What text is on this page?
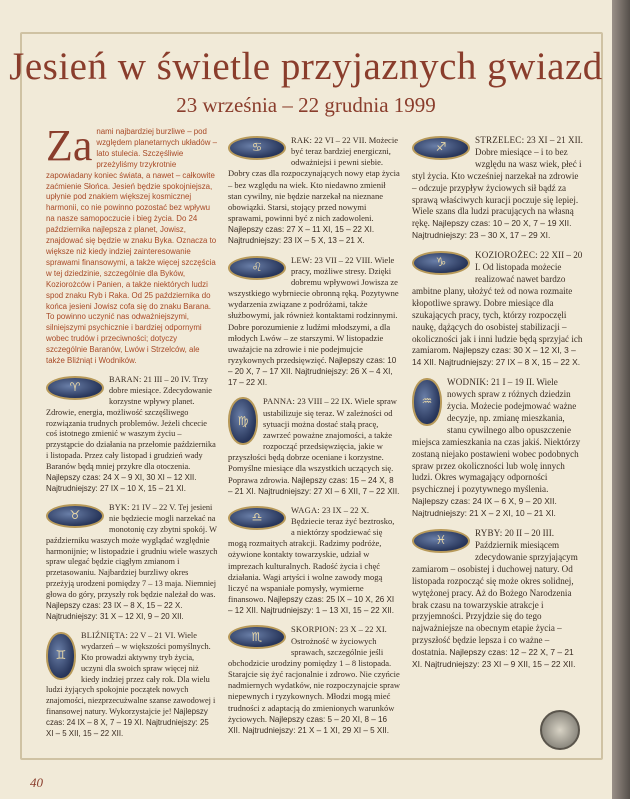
Jesień w świetle przyjaznych gwiazd
23 września – 22 grudnia 1999
Za nami najbardziej burzliwe – pod względem planetarnych układów – lato stulecia. Szczęśliwie przeżyliśmy trzykrotnie zapowiadany koniec świata, a nawet – całkowite zaćmienie Słońca. Jesień będzie spokojniejsza, upłynie pod znakiem większej kosmicznej harmonii, co nie powinno pozostać bez wpływu na nasze samopoczucie i bieg życia. Do 24 października najlepsza z planet, Jowisz, znajdować się będzie w znaku Byka. Oznacza to większe niż kiedy indziej zainteresowanie sprawami finansowymi, a także więcej szczęścia w tej dziedzinie, szczególnie dla Byków, Koziorożców i Panien, a także niektórych ludzi spod znaku Ryb i Raka. Od 25 października do końca jesieni Jowisz cofa się do znaku Barana. To powinno uczynić nas odważniejszymi, silniejszymi psychicznie i bardziej odpornymi wobec trudów i przeciwności; dotyczy szczególnie Baranów, Lwów i Strzelców, ale także Bliźniąt i Wodników.

♈
BARAN: 21 III – 20 IV. Trzy dobre miesiące. Zdecydowanie korzystne wpływy planet. Zdrowie, energia, możliwość szczęśliwego rozwiązania trudnych problemów. Jeżeli chcecie coś istotnego zmienić w waszym życiu – przystąpcie do działania na przełomie października i listopada. Przez cały listopad i grudzień wady Baranów będą mniej przykre dla otoczenia. Najlepszy czas: 24 X – 9 XI, 30 XI – 12 XII. Najtrudniejszy: 27 IX – 10 X, 15 – 21 XI.

♉
BYK: 21 IV – 22 V. Tej jesieni nie będziecie mogli narzekać na monotonię czy zbytni spokój. W październiku waszych może wyglądać względnie harmonijnie; w listopadzie i grudniu wiele waszych spraw ulegać będzie ciągłym zmianom i przetasowaniu. Najbardziej burzliwy okres przeżyją urodzeni pomiędzy 7 – 13 maja. Niemniej głowa do góry, przyszły rok będzie należał do was. Najlepszy czas: 23 IX – 8 X, 15 – 22 X. Najtrudniejszy: 31 X – 12 XI, 9 – 20 XII.

♊
BLIŹNIĘTA: 22 V – 21 VI. Wiele wydarzeń – w większości pomyślnych. Kto prowadzi aktywny tryb życia, uczyni dla swoich spraw więcej niż kiedy indziej przez cały rok. Dla wielu ludzi żyjących spokojnie początek nowych znajomości, niezprzecużwalne szanse zawodowej i finansowej natury. Wykorzystajcie je! Najlepszy czas: 24 IX – 8 X, 7 – 19 XI. Najtrudniejszy: 25 XI – 5 XII, 15 – 22 XII.

♋
RAK: 22 VI – 22 VII. Możecie być teraz bardziej energiczni, odważniejsi i pewni siebie. Dobry czas dla rozpoczynających nowy etap życia – bez względu na wiek. Kto niedawno zmienił stan cywilny, nie będzie narzekał na nieznane obowiązki. Starsi, stojący przed nowymi sprawami, powinni być z nich zadowoleni. Najlepszy czas: 27 X – 11 XI, 15 – 22 XI. Najtrudniejszy: 23 IX – 5 X, 13 – 21 X.

♌
LEW: 23 VII – 22 VIII. Wiele pracy, możliwe stresy. Dzięki dobremu wpływowi Jowisza ze wszystkiego wybrniecie obronną ręką. Pozytywne wydarzenia związane z podróżami, także służbowymi, jak również kontaktami rodzinnymi. Dobre porozumienie z ludźmi młodszymi, a dla młodych Lwów – ze starszymi. W listopadzie uważajcie na zdrowie i nie podejmujcie ryzykownych przedsięwzięć. Najlepszy czas: 10 – 20 X, 7 – 17 XII. Najtrudniejszy: 26 X – 4 XI, 17 – 22 XI.

♍
PANNA: 23 VIII – 22 IX. Wiele spraw ustabilizuje się teraz. W zależności od sytuacji można dostać stałą pracę, zawrzeć poważne znajomości, a także rozpocząć przedsięwzięcia, jakie w przyszłości będą dobrze oceniane i korzystne. Pomyślne miesiące dla wszystkich uczących się. Poprawa zdrowia. Najlepszy czas: 15 – 24 X, 8 – 21 XI. Najtrudniejszy: 27 XI – 6 XII, 7 – 22 XII.

♎
WAGA: 23 IX – 22 X. Będziecie teraz żyć beztrosko, a niektórzy spodziewać się mogą rozmaitych atrakcji. Radzimy podróże, ożywione kontakty towarzyskie, udział w imprezach kulturalnych. Radość życia i chęć działania. Wagi artyści i wolne zawody mogą liczyć na wspaniałe pomysły, wymierne finansowo. Najlepszy czas: 25 IX – 10 X, 26 XI – 12 XII. Najtrudniejszy: 1 – 13 XI, 15 – 22 XII.

♏
SKORPION: 23 X – 22 XI. Ostrożność w życiowych sprawach, szczególnie jeśli obchodzicie urodziny pomiędzy 1 – 8 listopada. Starajcie się żyć racjonalnie i zdrowo. Nie czyńcie nadmiernych wydatków, nie rozpoczynajcie spraw niepewnych i ryzykownych. Młodzi mogą mieć trudności z adaptacją do zmienionych warunków życiowych. Najlepszy czas: 5 – 20 XI, 8 – 16 XII. Najtrudniejszy: 21 X – 1 XI, 29 XI – 5 XII.

♐
STRZELEC: 23 XI – 21 XII. Dobre miesiące – i to bez względu na wasz wiek, płeć i styl życia. Kto wcześniej narzekał na zdrowie – odczuje przypływ życiowych sił bądź za sprawą właściwych kuracji poczuje się lepiej. Wiele szans dla ludzi pracujących na własną rękę. Najlepszy czas: 10 – 20 X, 7 – 19 XII. Najtrudniejszy: 23 – 30 X, 17 – 29 XI.

♑
KOZIOROŻEC: 22 XII – 20 I. Od listopada możecie realizować nawet bardzo ambitne plany, ułożyć też od nowa rozmaite kłopotliwe sprawy. Dobre miesiące dla szukających pracy, tych, którzy rozpoczęli naukę, dążących do osobistej stabilizacji – okoliczności jak i inni ludzie będą sprzyjać ich zamiarom. Najlepszy czas: 30 X – 12 XI, 3 – 14 XII. Najtrudniejszy: 27 IX – 8 X, 15 – 22 X.

♒
WODNIK: 21 I – 19 II. Wiele nowych spraw z różnych dziedzin życia. Możecie podejmować ważne decyzje, np. zmianę mieszkania, stanu cywilnego albo opuszczenie miejsca zamieszkania na czas jakiś. Niektórzy zostaną niejako postawieni wobec podobnych spraw przez okoliczności lub wolę innych ludzi. Okres wymagający odporności psychicznej i pozytywnego myślenia. Najlepszy czas: 24 IX – 6 X, 9 – 20 XII. Najtrudniejszy: 21 X – 2 XI, 10 – 21 XI.

♓
RYBY: 20 II – 20 III. Październik miesiącem zdecydowanie sprzyjającym zamiarom – osobistej i duchowej natury. Od listopada rozpocząć się może okres solidnej, wytężonej pracy. Aż do Bożego Narodzenia brak czasu na towarzyskie atrakcje i przyjemności. Przyjdzie się do tego najważniejsze na obecnym etapie życia – przyszłość będzie lepsza i co ważne – dostatnia. Najlepszy czas: 12 – 22 X, 7 – 21 XI. Najtrudniejszy: 23 XI – 9 XII, 15 – 22 XII.

40
